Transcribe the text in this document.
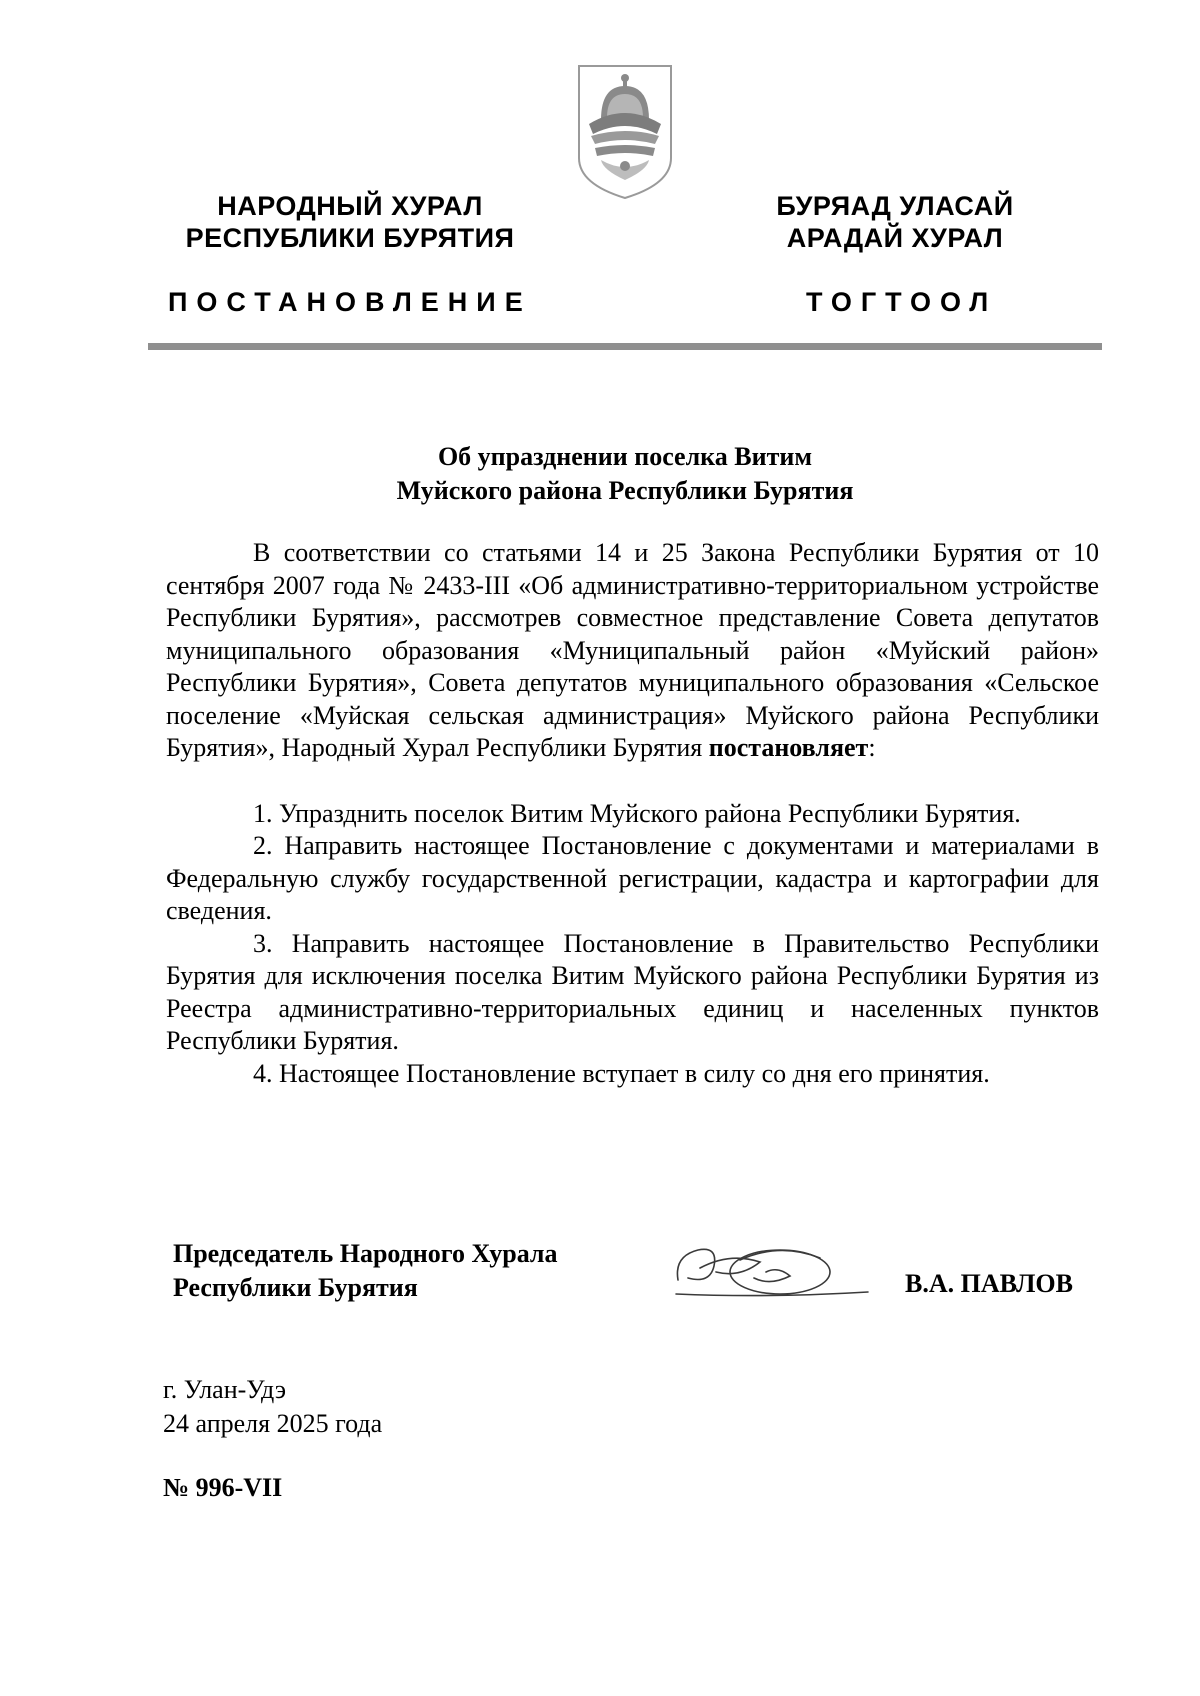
НАРОДНЫЙ ХУРАЛ
РЕСПУБЛИКИ БУРЯТИЯ
БУРЯАД УЛАСАЙ
АРАДАЙ ХУРАЛ
ПОСТАНОВЛЕНИЕ	ТОГТООЛ
Об упразднении поселка Витим
Муйского района Республики Бурятия

В соответствии со статьями 14 и 25 Закона Республики Бурятия от 10 сентября 2007 года № 2433-III «Об административно-территориальном устройстве Республики Бурятия», рассмотрев совместное представление Совета депутатов муниципального образования «Муниципальный район «Муйский район» Республики Бурятия», Совета депутатов муниципального образования «Сельское поселение «Муйская сельская администрация» Муйского района Республики Бурятия», Народный Хурал Республики Бурятия постановляет:

1. Упразднить поселок Витим Муйского района Республики Бурятия.

2. Направить настоящее Постановление с документами и материалами в Федеральную службу государственной регистрации, кадастра и картографии для сведения.

3. Направить настоящее Постановление в Правительство Республики Бурятия для исключения поселка Витим Муйского района Республики Бурятия из Реестра административно-территориальных единиц и населенных пунктов Республики Бурятия.

4. Настоящее Постановление вступает в силу со дня его принятия.

Председатель Народного Хурала
Республики Бурятия	В.А. ПАВЛОВ
г. Улан-Удэ
24 апреля 2025 года
№ 996-VII
